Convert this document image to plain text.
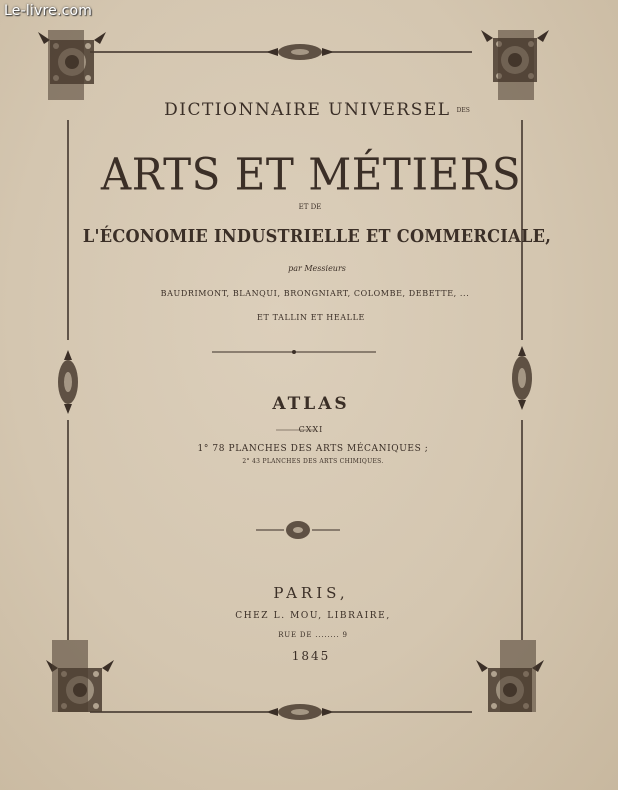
Le-livre.com
DICTIONNAIRE UNIVERSEL DES
ARTS ET MÉTIERS
ET DE
L'ÉCONOMIE INDUSTRIELLE ET COMMERCIALE,
par Messieurs
BAUDRIMONT, BLANQUI, BRONGNIART, COLOMBE, DEBETTE, ...
ET TALLIN ET HEALLE
ATLAS
CXXI
1° 78 PLANCHES DES ARTS MÉCANIQUES ;
2° 43 PLANCHES DES ARTS CHIMIQUES.
PARIS,
CHEZ L. MOU, LIBRAIRE,
RUE DE ........ 9
1845
